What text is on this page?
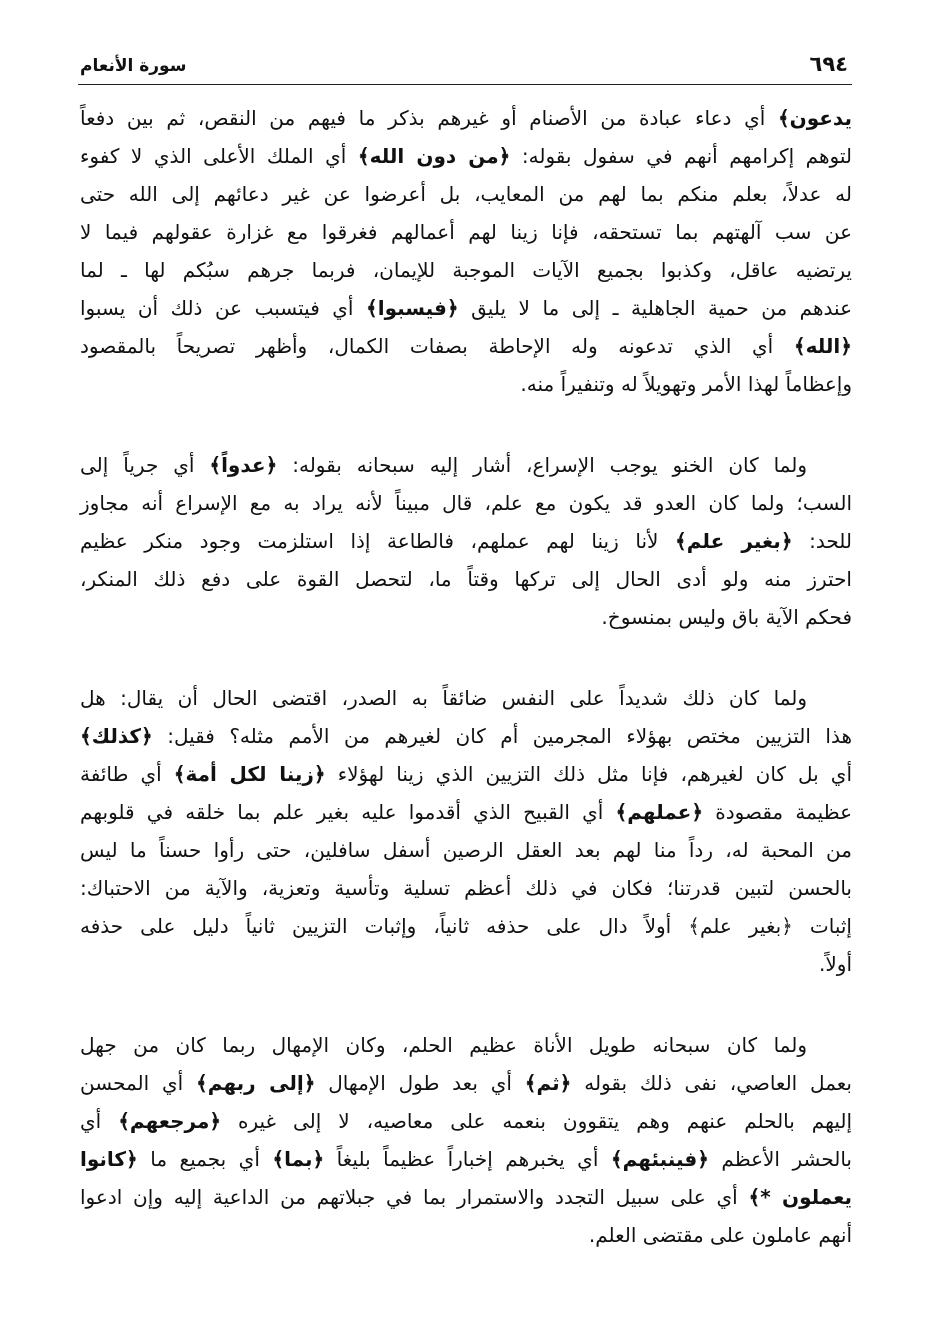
٦٩٤
سورة الأنعام
يدعون﴾ أي دعاء عبادة من الأصنام أو غيرهم بذكر ما فيهم من النقص، ثم بين دفعاً
لتوهم إكرامهم أنهم في سفول بقوله: ﴿من دون الله﴾ أي الملك الأعلى الذي لا كفوء
له عدلاً، بعلم منكم بما لهم من المعايب، بل أعرضوا عن غير دعائهم إلى الله حتى
عن سب آلهتهم بما تستحقه، فإنا زينا لهم أعمالهم فغرقوا مع غزارة عقولهم فيما لا
يرتضيه عاقل، وكذبوا بجميع الآيات الموجبة للإيمان، فربما جرهم سبُكم لها ـ لما
عندهم من حمية الجاهلية ـ إلى ما لا يليق ﴿فيسبوا﴾ أي فيتسبب عن ذلك أن يسبوا
﴿الله﴾ أي الذي تدعونه وله الإحاطة بصفات الكمال، وأظهر تصريحاً بالمقصود
وإعظاماً لهذا الأمر وتهويلاً له وتنفيراً منه.
ولما كان الخنو يوجب الإسراع، أشار إليه سبحانه بقوله: ﴿عدواً﴾ أي جرياً إلى
السب؛ ولما كان العدو قد يكون مع علم، قال مبيناً لأنه يراد به مع الإسراع أنه مجاوز
للحد: ﴿بغير علم﴾ لأنا زينا لهم عملهم، فالطاعة إذا استلزمت وجود منكر عظيم
احترز منه ولو أدى الحال إلى تركها وقتاً ما، لتحصل القوة على دفع ذلك المنكر،
فحكم الآية باق وليس بمنسوخ.
ولما كان ذلك شديداً على النفس ضائقاً به الصدر، اقتضى الحال أن يقال: هل
هذا التزيين مختص بهؤلاء المجرمين أم كان لغيرهم من الأمم مثله؟ فقيل: ﴿كذلك﴾
أي بل كان لغيرهم، فإنا مثل ذلك التزيين الذي زينا لهؤلاء ﴿زينا لكل أمة﴾ أي طائفة
عظيمة مقصودة ﴿عملهم﴾ أي القبيح الذي أقدموا عليه بغير علم بما خلقه في قلوبهم
من المحبة له، رداً منا لهم بعد العقل الرصين أسفل سافلين، حتى رأوا حسناً ما ليس
بالحسن لتبين قدرتنا؛ فكان في ذلك أعظم تسلية وتأسية وتعزية، والآية من الاحتباك:
إثبات ﴿بغير علم﴾ أولاً دال على حذفه ثانياً، وإثبات التزيين ثانياً دليل على حذفه
أولاً.
ولما كان سبحانه طويل الأناة عظيم الحلم، وكان الإمهال ربما كان من جهل
بعمل العاصي، نفى ذلك بقوله ﴿ثم﴾ أي بعد طول الإمهال ﴿إلى ربهم﴾ أي المحسن
إليهم بالحلم عنهم وهم يتقوون بنعمه على معاصيه، لا إلى غيره ﴿مرجعهم﴾ أي
بالحشر الأعظم ﴿فينبئهم﴾ أي يخبرهم إخباراً عظيماً بليغاً ﴿بما﴾ أي بجميع ما ﴿كانوا
يعملون *﴾ أي على سبيل التجدد والاستمرار بما في جبلاتهم من الداعية إليه وإن ادعوا
أنهم عاملون على مقتضى العلم.
